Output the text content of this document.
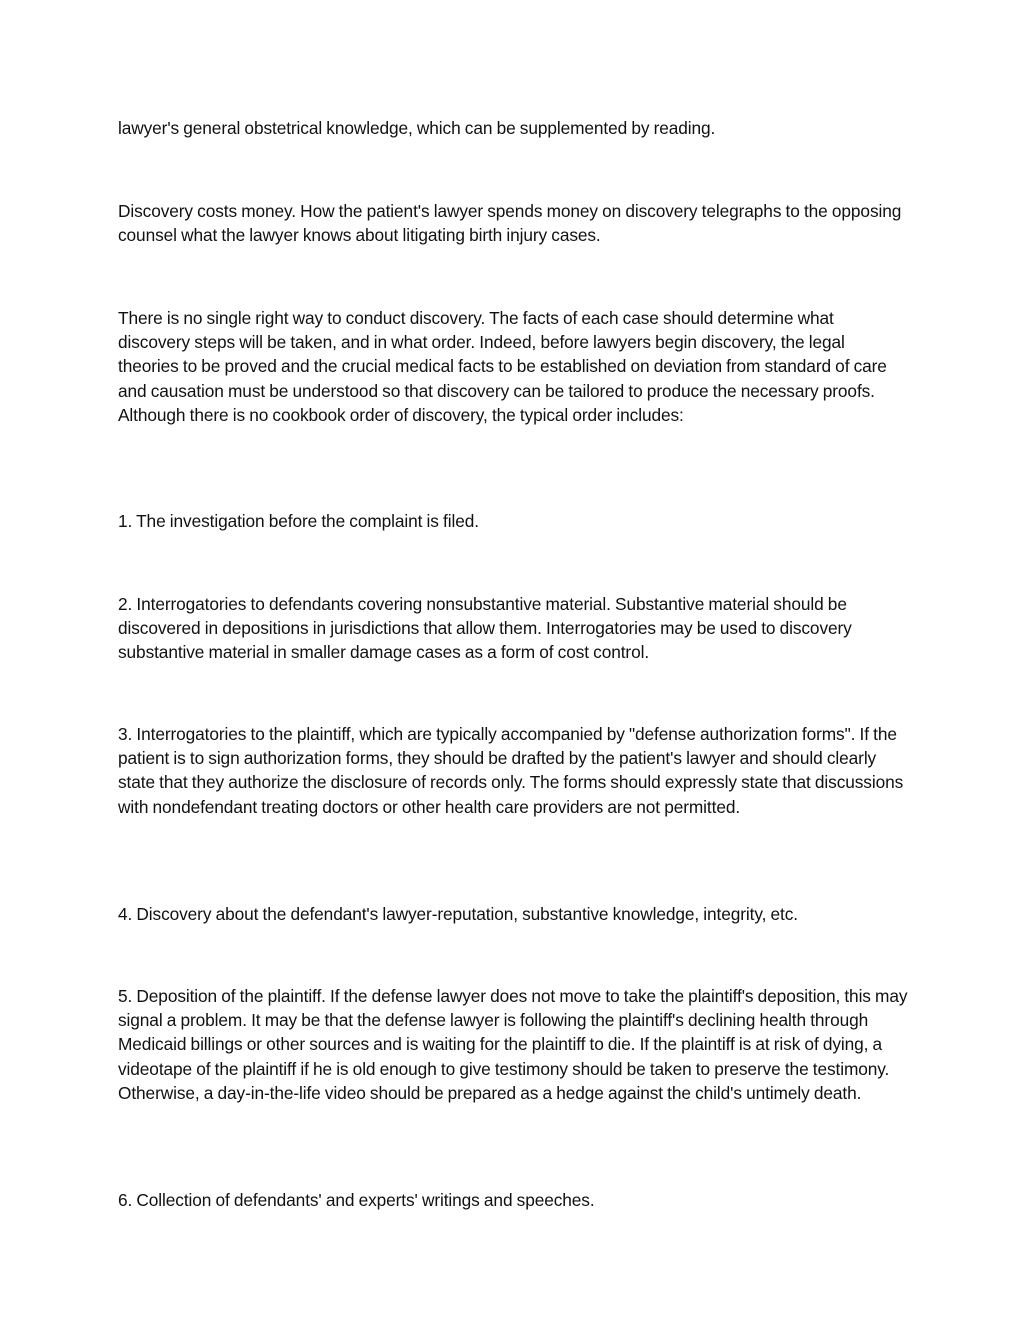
lawyer's general obstetrical knowledge, which can be supplemented by reading.

Discovery costs money. How the patient's lawyer spends money on discovery telegraphs to the opposing counsel what the lawyer knows about litigating birth injury cases.

There is no single right way to conduct discovery. The facts of each case should determine what discovery steps will be taken, and in what order. Indeed, before lawyers begin discovery, the legal theories to be proved and the crucial medical facts to be established on deviation from standard of care and causation must be understood so that discovery can be tailored to produce the necessary proofs. Although there is no cookbook order of discovery, the typical order includes:

1. The investigation before the complaint is filed.

2. Interrogatories to defendants covering nonsubstantive material. Substantive material should be discovered in depositions in jurisdictions that allow them. Interrogatories may be used to discovery substantive material in smaller damage cases as a form of cost control.

3. Interrogatories to the plaintiff, which are typically accompanied by "defense authorization forms". If the patient is to sign authorization forms, they should be drafted by the patient's lawyer and should clearly state that they authorize the disclosure of records only. The forms should expressly state that discussions with nondefendant treating doctors or other health care providers are not permitted.

4. Discovery about the defendant's lawyer-reputation, substantive knowledge, integrity, etc.

5. Deposition of the plaintiff. If the defense lawyer does not move to take the plaintiff's deposition, this may signal a problem. It may be that the defense lawyer is following the plaintiff's declining health through Medicaid billings or other sources and is waiting for the plaintiff to die. If the plaintiff is at risk of dying, a videotape of the plaintiff if he is old enough to give testimony should be taken to preserve the testimony. Otherwise, a day-in-the-life video should be prepared as a hedge against the child's untimely death.

6. Collection of defendants' and experts' writings and speeches.
